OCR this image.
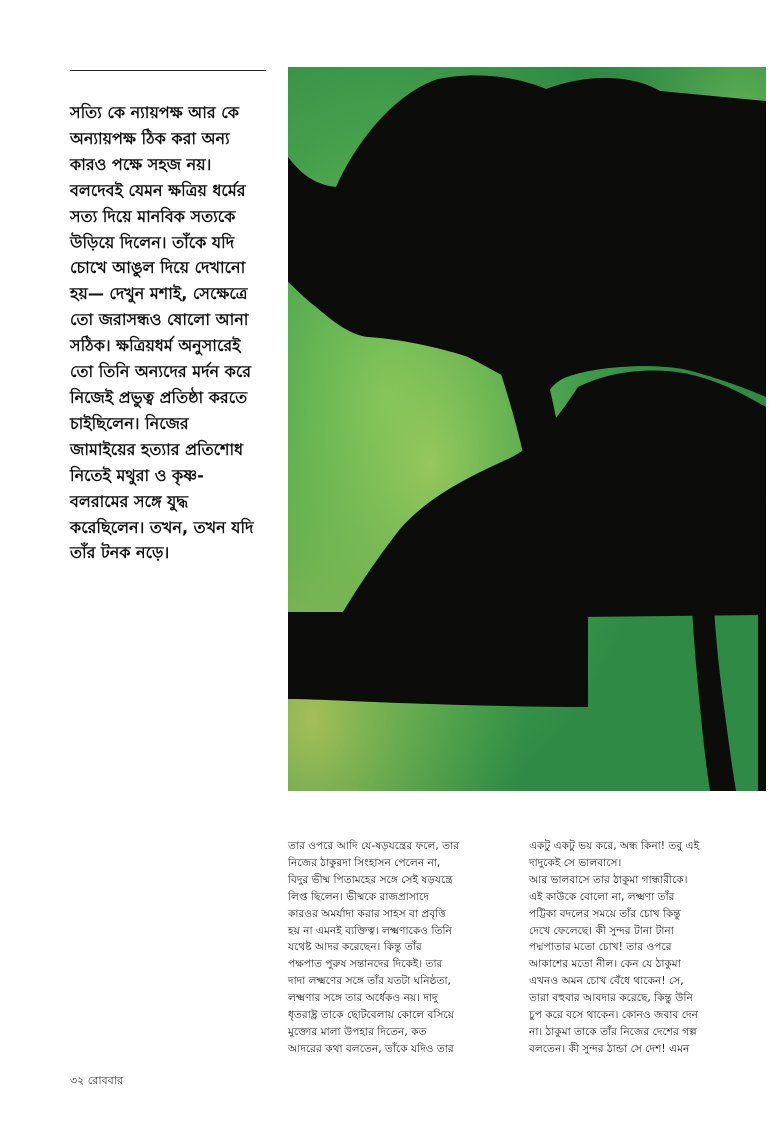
সত্যি কে ন্যায়পক্ষ আর কে
অন্যায়পক্ষ ঠিক করা অন্য
কারও পক্ষে সহজ নয়।
বলদেবই যেমন ক্ষত্রিয় ধর্মের
সত্য দিয়ে মানবিক সত্যকে
উড়িয়ে দিলেন। তাঁকে যদি
চোখে আঙুল দিয়ে দেখানো
হয়— দেখুন মশাই, সেক্ষেত্রে
তো জরাসন্ধও ষোলো আনা
সঠিক। ক্ষত্রিয়ধর্ম অনুসারেই
তো তিনি অন্যদের মর্দন করে
নিজেই প্রভুত্ব প্রতিষ্ঠা করতে
চাইছিলেন। নিজের
জামাইয়ের হত্যার প্রতিশোধ
নিতেই মথুরা ও কৃষ্ণ-
বলরামের সঙ্গে যুদ্ধ
করেছিলেন। তখন, তখন যদি
তাঁর টনক নড়ে।
তার ওপরে আদি যে-ষড়যন্ত্রের ফলে, তার
নিজের ঠাকুরদা সিংহাসন পেলেন না,
বিদুর ভীষ্ম পিতামহের সঙ্গে সেই ষড়যন্ত্রে
লিপ্ত ছিলেন। ভীষ্মকে রাজপ্রাসাদে
কারওর অমর্যাদা করার সাহস বা প্রবৃত্তি
হয় না এমনই ব্যক্তিত্ব। লক্ষ্মণাকেও তিনি
যথেষ্ট আদর করেছেন। কিন্তু তাঁর
পক্ষপাত পুরুষ সন্তানদের দিকেই। তার
দাদা লক্ষ্মণের সঙ্গে তাঁর যতটা ঘনিষ্ঠতা,
লক্ষ্মণার সঙ্গে তার অর্ধেকও নয়। দাদু
ধৃতরাষ্ট্র তাকে ছোটবেলায় কোলে বসিয়ে
মুক্তোর মালা উপহার দিতেন, কত
আদরের কথা বলতেন, তাঁকে যদিও তার
একটু একটু ভয় করে, অন্ধ কিনা! তবু এই
দাদুকেই সে ভালবাসে।
আর ভালবাসে তার ঠাকুমা গান্ধারীকে।
এই কাউকে বোলো না, লক্ষ্মণা তাঁর
পট্টিকা বদলের সময়ে তাঁর চোখ কিন্তু
দেখে ফেলেছে। কী সুন্দর টানা টানা
পদ্মপাতার মতো চোখ! তার ওপরে
আকাশের মতো নীল। কেন যে ঠাকুমা
এখনও অমন চোখ বেঁধে থাকেন! সে,
তারা বহুবার আবদার করেছে, কিন্তু উনি
চুপ করে বসে থাকেন। কোনও জবাব দেন
না। ঠাকুমা তাকে তাঁর নিজের দেশের গল্প
বলতেন। কী সুন্দর ঠান্ডা সে দেশ! এমন
৩২ রোববার
